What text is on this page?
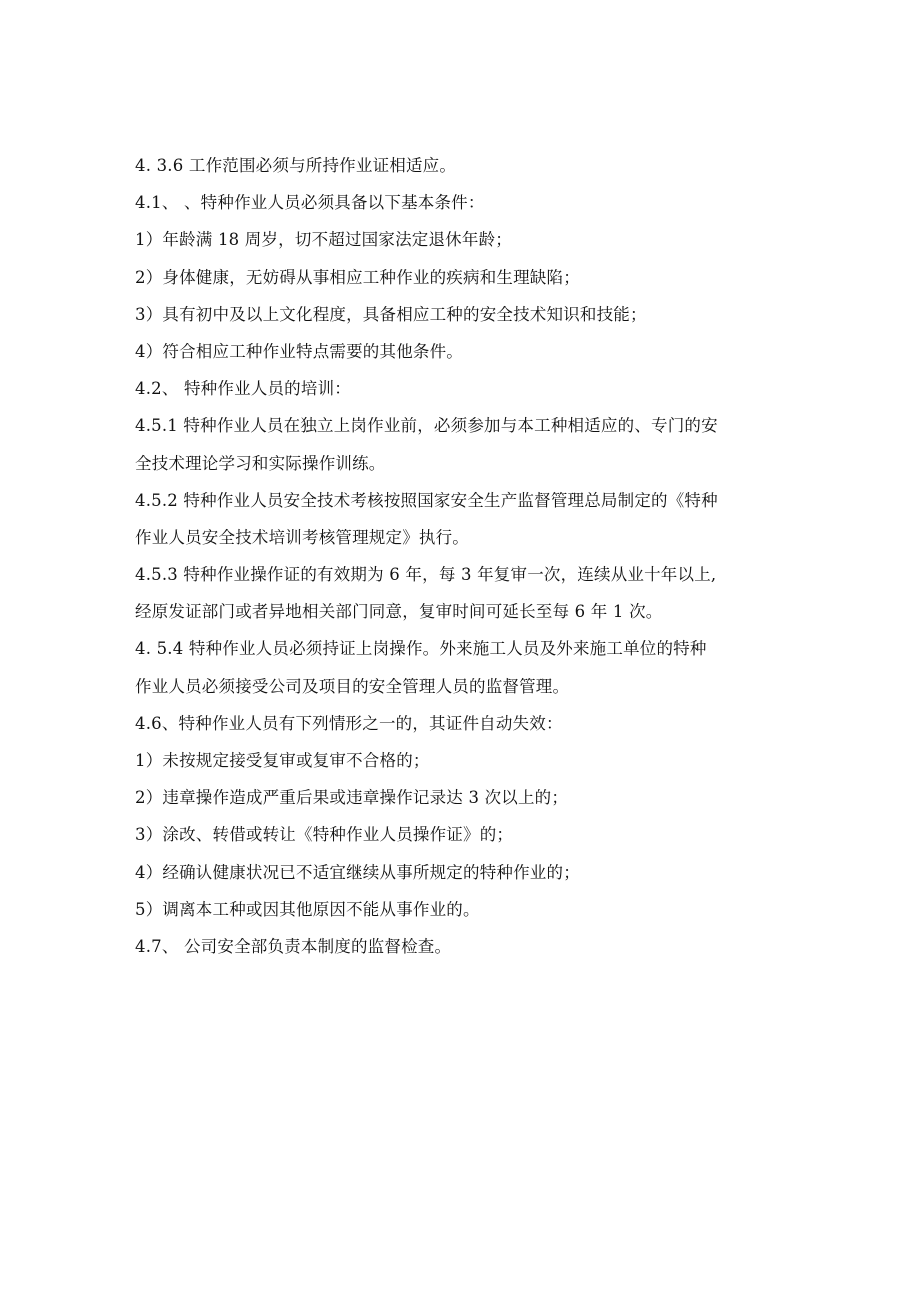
4. 3.6 工作范围必须与所持作业证相适应。
4.1、 、特种作业人员必须具备以下基本条件：
1）年龄满 18 周岁，切不超过国家法定退休年龄；
2）身体健康，无妨碍从事相应工种作业的疾病和生理缺陷；
3）具有初中及以上文化程度，具备相应工种的安全技术知识和技能；
4）符合相应工种作业特点需要的其他条件。
4.2、 特种作业人员的培训：
4.5.1 特种作业人员在独立上岗作业前，必须参加与本工种相适应的、专门的安
全技术理论学习和实际操作训练。
4.5.2 特种作业人员安全技术考核按照国家安全生产监督管理总局制定的《特种
作业人员安全技术培训考核管理规定》执行。
4.5.3 特种作业操作证的有效期为 6 年，每 3 年复审一次，连续从业十年以上,
经原发证部门或者异地相关部门同意，复审时间可延长至每 6 年 1 次。
4. 5.4 特种作业人员必须持证上岗操作。外来施工人员及外来施工单位的特种
作业人员必须接受公司及项目的安全管理人员的监督管理。
4.6、特种作业人员有下列情形之一的，其证件自动失效：
1）未按规定接受复审或复审不合格的；
2）违章操作造成严重后果或违章操作记录达 3 次以上的；
3）涂改、转借或转让《特种作业人员操作证》的；
4）经确认健康状况已不适宜继续从事所规定的特种作业的；
5）调离本工种或因其他原因不能从事作业的。
4.7、 公司安全部负责本制度的监督检查。
